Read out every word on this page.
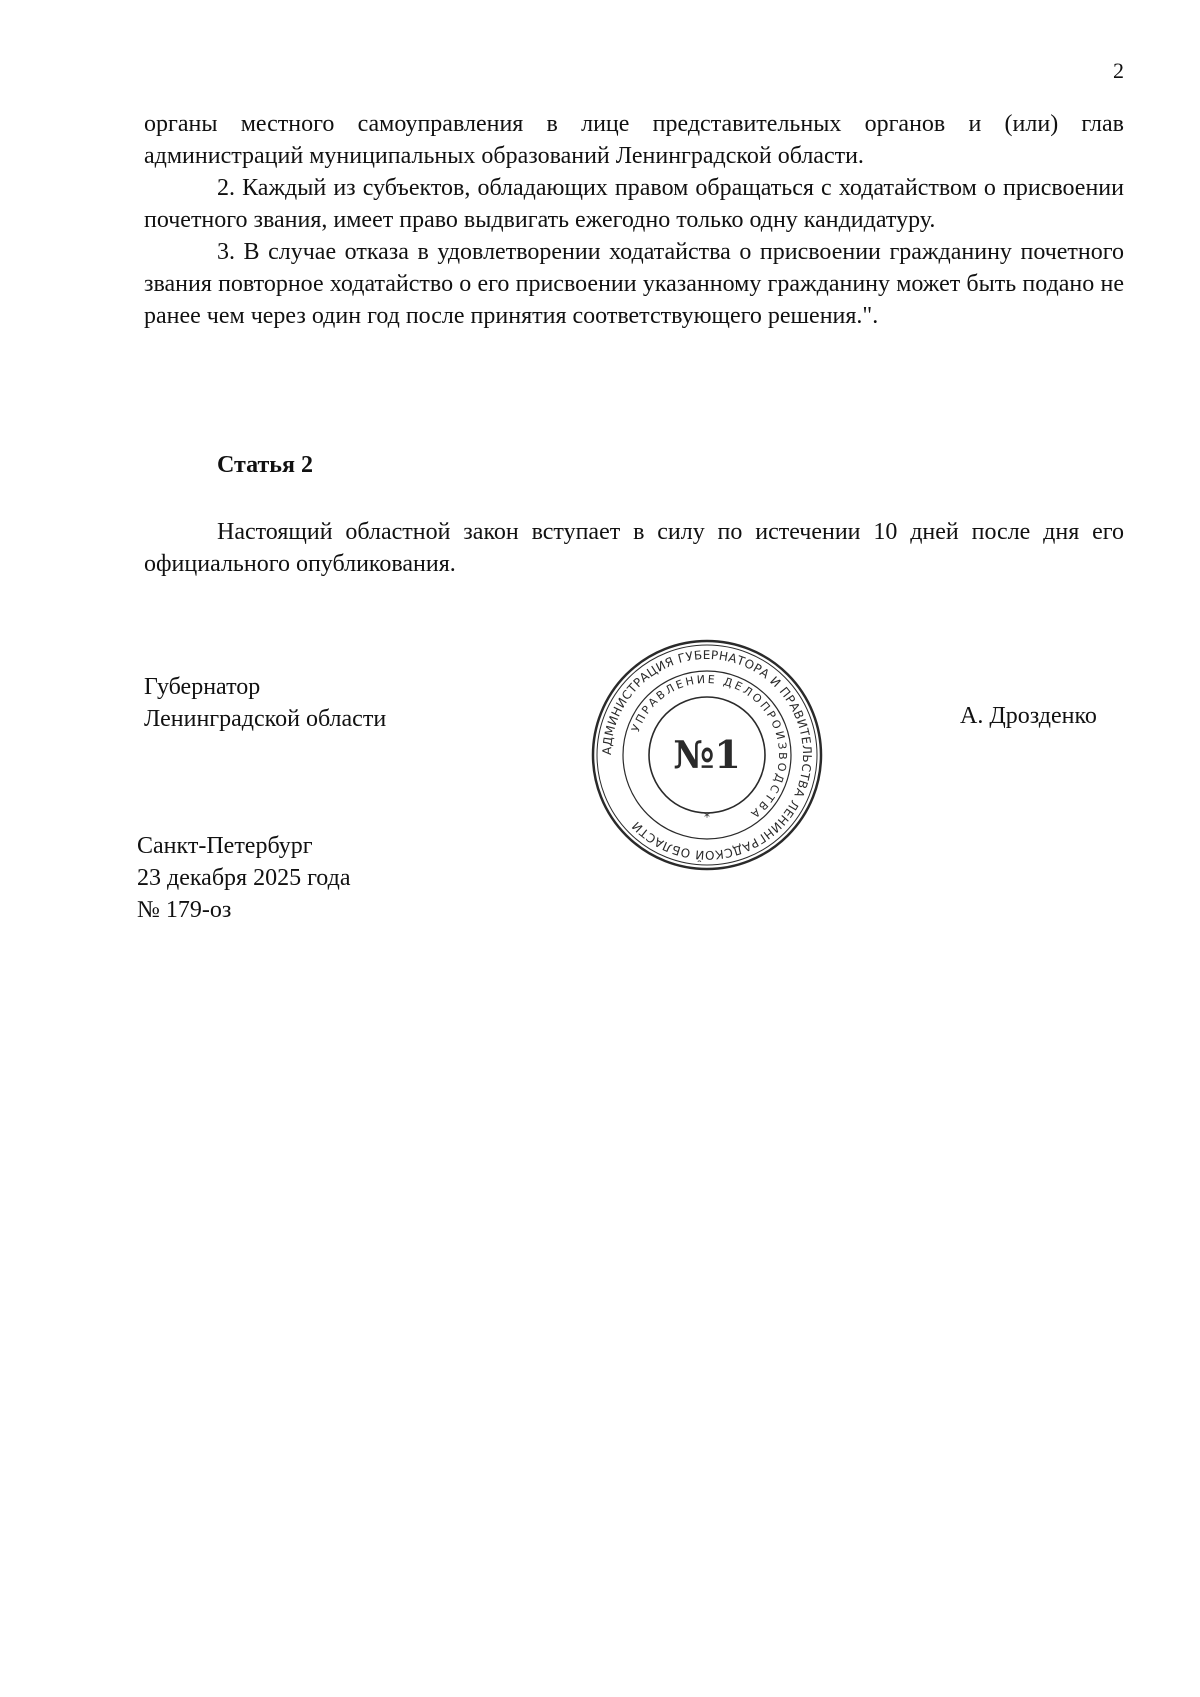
2

органы местного самоуправления в лице представительных органов и (или) глав администраций муниципальных образований Ленинградской области.

2. Каждый из субъектов, обладающих правом обращаться с ходатайством о присвоении почетного звания, имеет право выдвигать ежегодно только одну кандидатуру.

3. В случае отказа в удовлетворении ходатайства о присвоении гражданину почетного звания повторное ходатайство о его присвоении указанному гражданину может быть подано не ранее чем через один год после принятия соответствующего решения.".

Статья 2

Настоящий областной закон вступает в силу по истечении 10 дней после дня его официального опубликования.

Губернатор
Ленинградской области	А. Дрозденко
АДМИНИСТРАЦИЯ ГУБЕРНАТОРА И ПРАВИТЕЛЬСТВА ЛЕНИНГРАДСКОЙ ОБЛАСТИ
УПРАВЛЕНИЕ ДЕЛОПРОИЗВОДСТВА
№1
*
Санкт-Петербург
23 декабря 2025 года
№ 179-оз
